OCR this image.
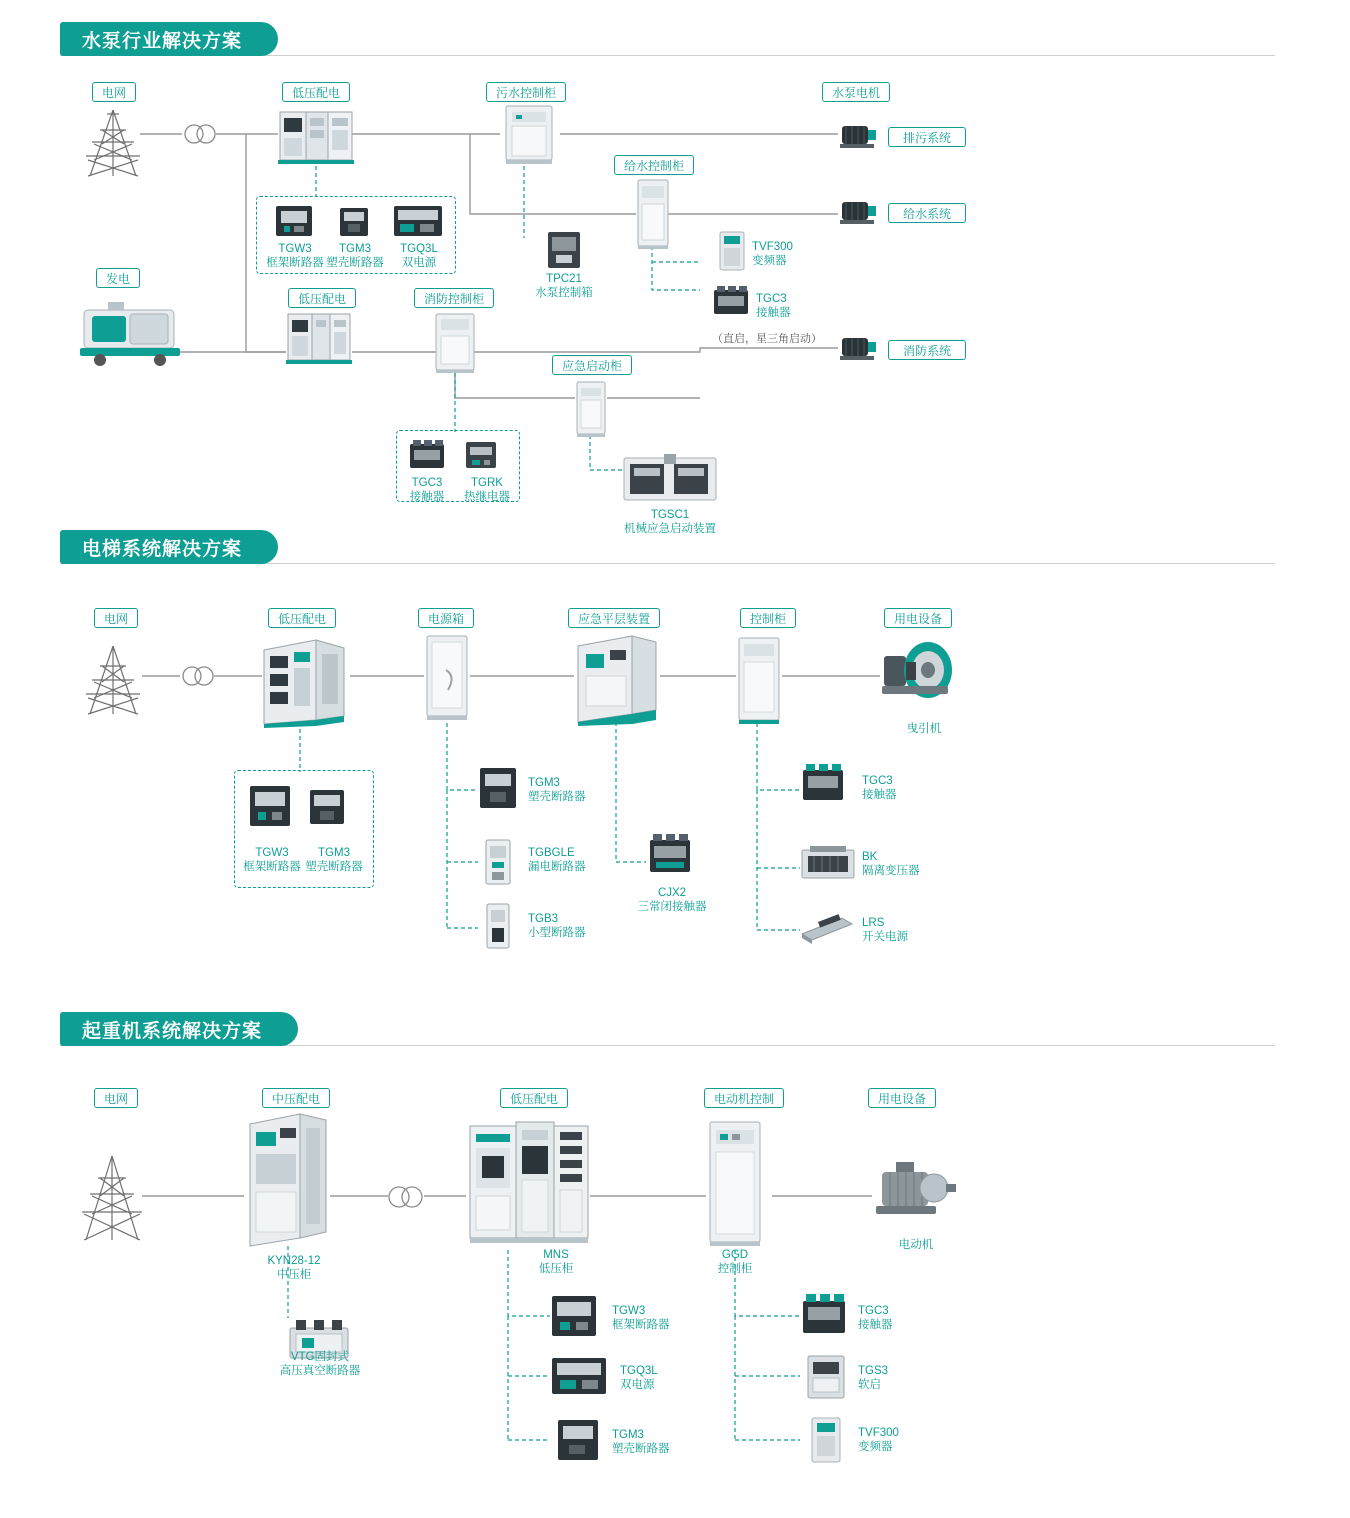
水泵行业解决方案
电梯系统解决方案
起重机系统解决方案
电网	低压配电	污水控制柜	水泵电机
给水控制柜
发电
低压配电	消防控制柜
应急启动柜
排污系统
给水系统
消防系统
TGW3
框架断路器
TGM3
塑壳断路器
TGQ3L
双电源
TPC21
水泵控制箱
TVF300
变频器
TGC3
接触器
（直启，星三角启动）
TGC3
接触器
TGRK
热继电器
TGSC1
机械应急启动装置
电网	低压配电	电源箱	应急平层装置	控制柜	用电设备
曳引机
TGW3
框架断路器
TGM3
塑壳断路器
TGM3
塑壳断路器
TGBGLE
漏电断路器
TGB3
小型断路器
CJX2
三常闭接触器
TGC3
接触器
BK
隔离变压器
LRS
开关电源
电网	中压配电	低压配电	电动机控制	用电设备
KYN28-12
中压柜
VTG固封式
高压真空断路器
MNS
低压柜
GGD
控制柜
电动机
TGW3
框架断路器
TGQ3L
双电源
TGM3
塑壳断路器
TGC3
接触器
TGS3
软启
TVF300
变频器
